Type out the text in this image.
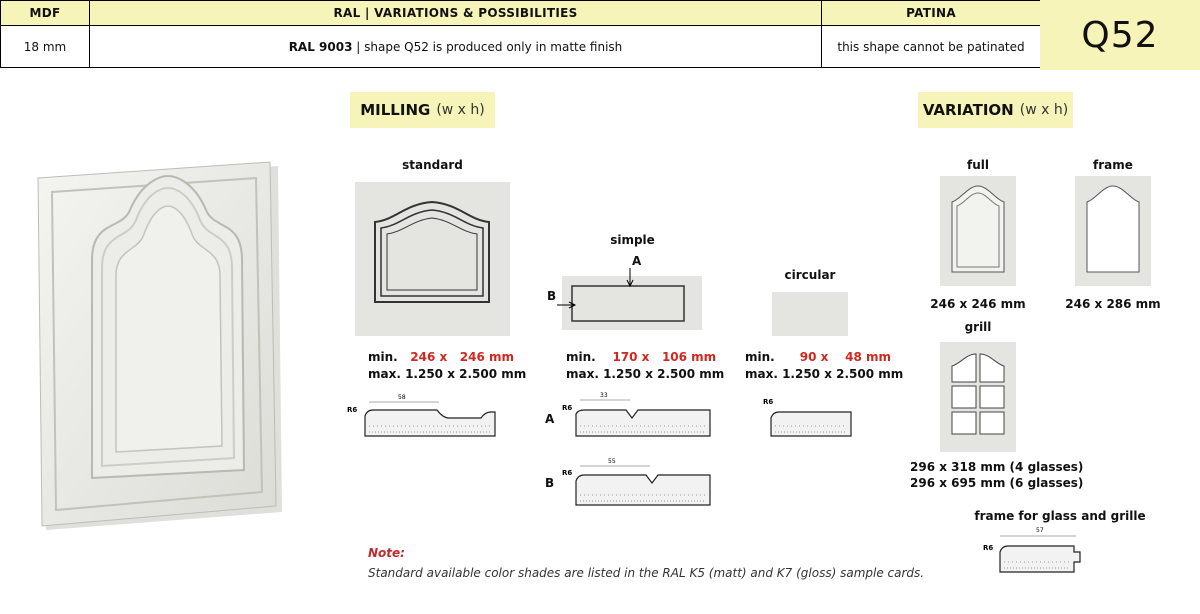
MDF	RAL | VARIATIONS & POSSIBILITIES	PATINA
18 mm	RAL 9003 | shape Q52 is produced only in matte finish	this shape cannot be patinated Q52
MILLING (w x h)
standard
min. 246 x 246 mm
max. 1.250 x 2.500 mm
R6
58
simple
A
B
min. 170 x 106 mm
max. 1.250 x 2.500 mm
A
R6
33
B
R6
55
circular
min. 90 x 48 mm
max. 1.250 x 2.500 mm
R6
VARIATION (w x h)
full
246 x 246 mm
frame
246 x 286 mm
grill
296 x 318 mm (4 glasses)
296 x 695 mm (6 glasses)
frame for glass and grille
R6
57
Note:
Standard available color shades are listed in the RAL K5 (matt) and K7 (gloss) sample cards.
